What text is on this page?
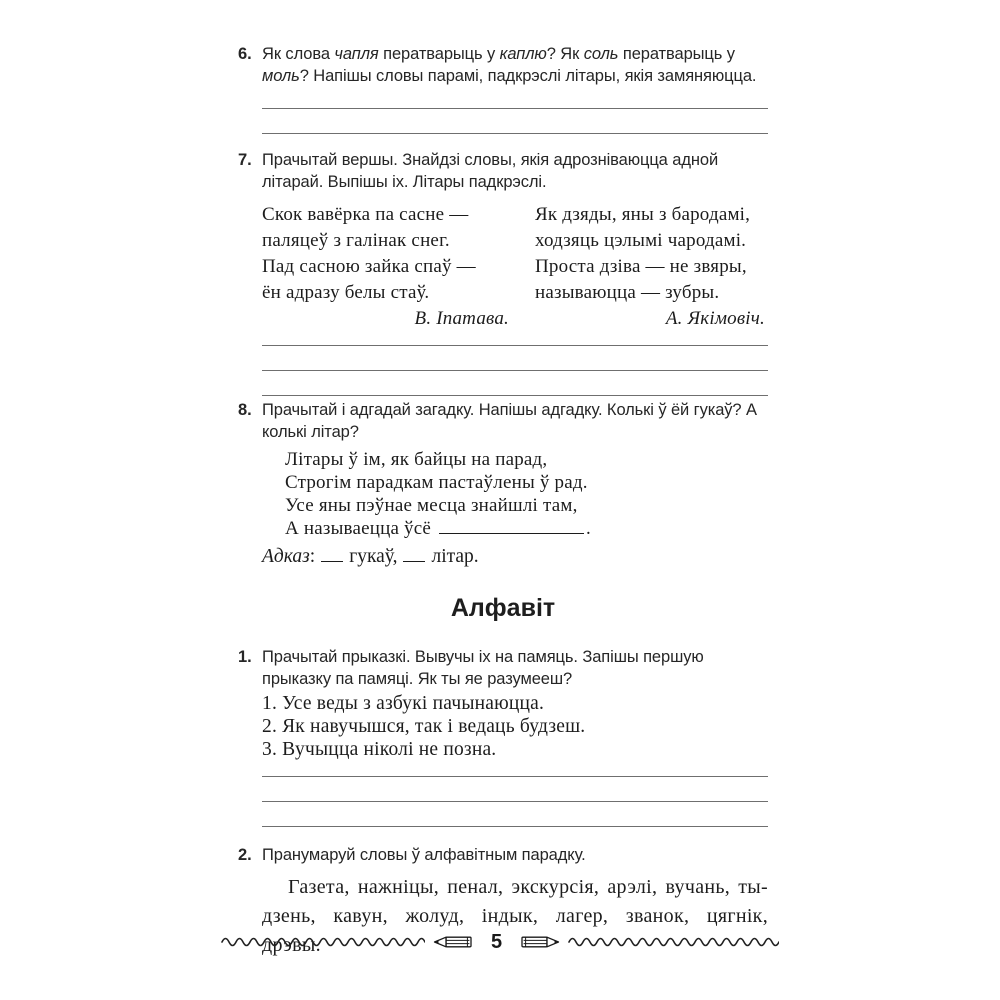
6. Як слова чапля ператварыць у каплю? Як соль ператварыць у моль? Напішы словы парамі, падкрэслі літары, якія замяняюцца.
7. Прачытай вершы. Знайдзі словы, якія адрозніваюцца адной літарай. Выпішы іх. Літары падкрэслі.
Скок вавёрка па сасне —
паляцеў з галінак снег.
Пад сасною зайка спаў —
ён адразу белы стаў.
В. Іпатава.
Як дзяды, яны з бародамі,
ходзяць цэлымі чародамі.
Проста дзіва — не звяры,
называюцца — зубры.
А. Якімовіч.
8. Прачытай і адгадай загадку. Напішы адгадку. Колькі ў ёй гукаў? А колькі літар?
Літары ў ім, як байцы на парад,
Строгім парадкам пастаўлены ў рад.
Усе яны пэўнае месца знайшлі там,
А называецца ўсё	.
Адказ: гукаў, літар.
Алфавіт
1. Прачытай прыказкі. Вывучы іх на памяць. Запішы першую прыказку па памяці. Як ты яе разумееш?
1. Усе веды з азбукі пачынаюцца.
2. Як навучышся, так і ведаць будзеш.
3. Вучыцца ніколі не позна.
2. Пранумаруй словы ў алфавітным парадку.
Газета, нажніцы, пенал, экскурсія, арэлі, вучань, ты-
дзень, кавун, жолуд, індык, лагер, званок, цягнік, дрэвы.	5
